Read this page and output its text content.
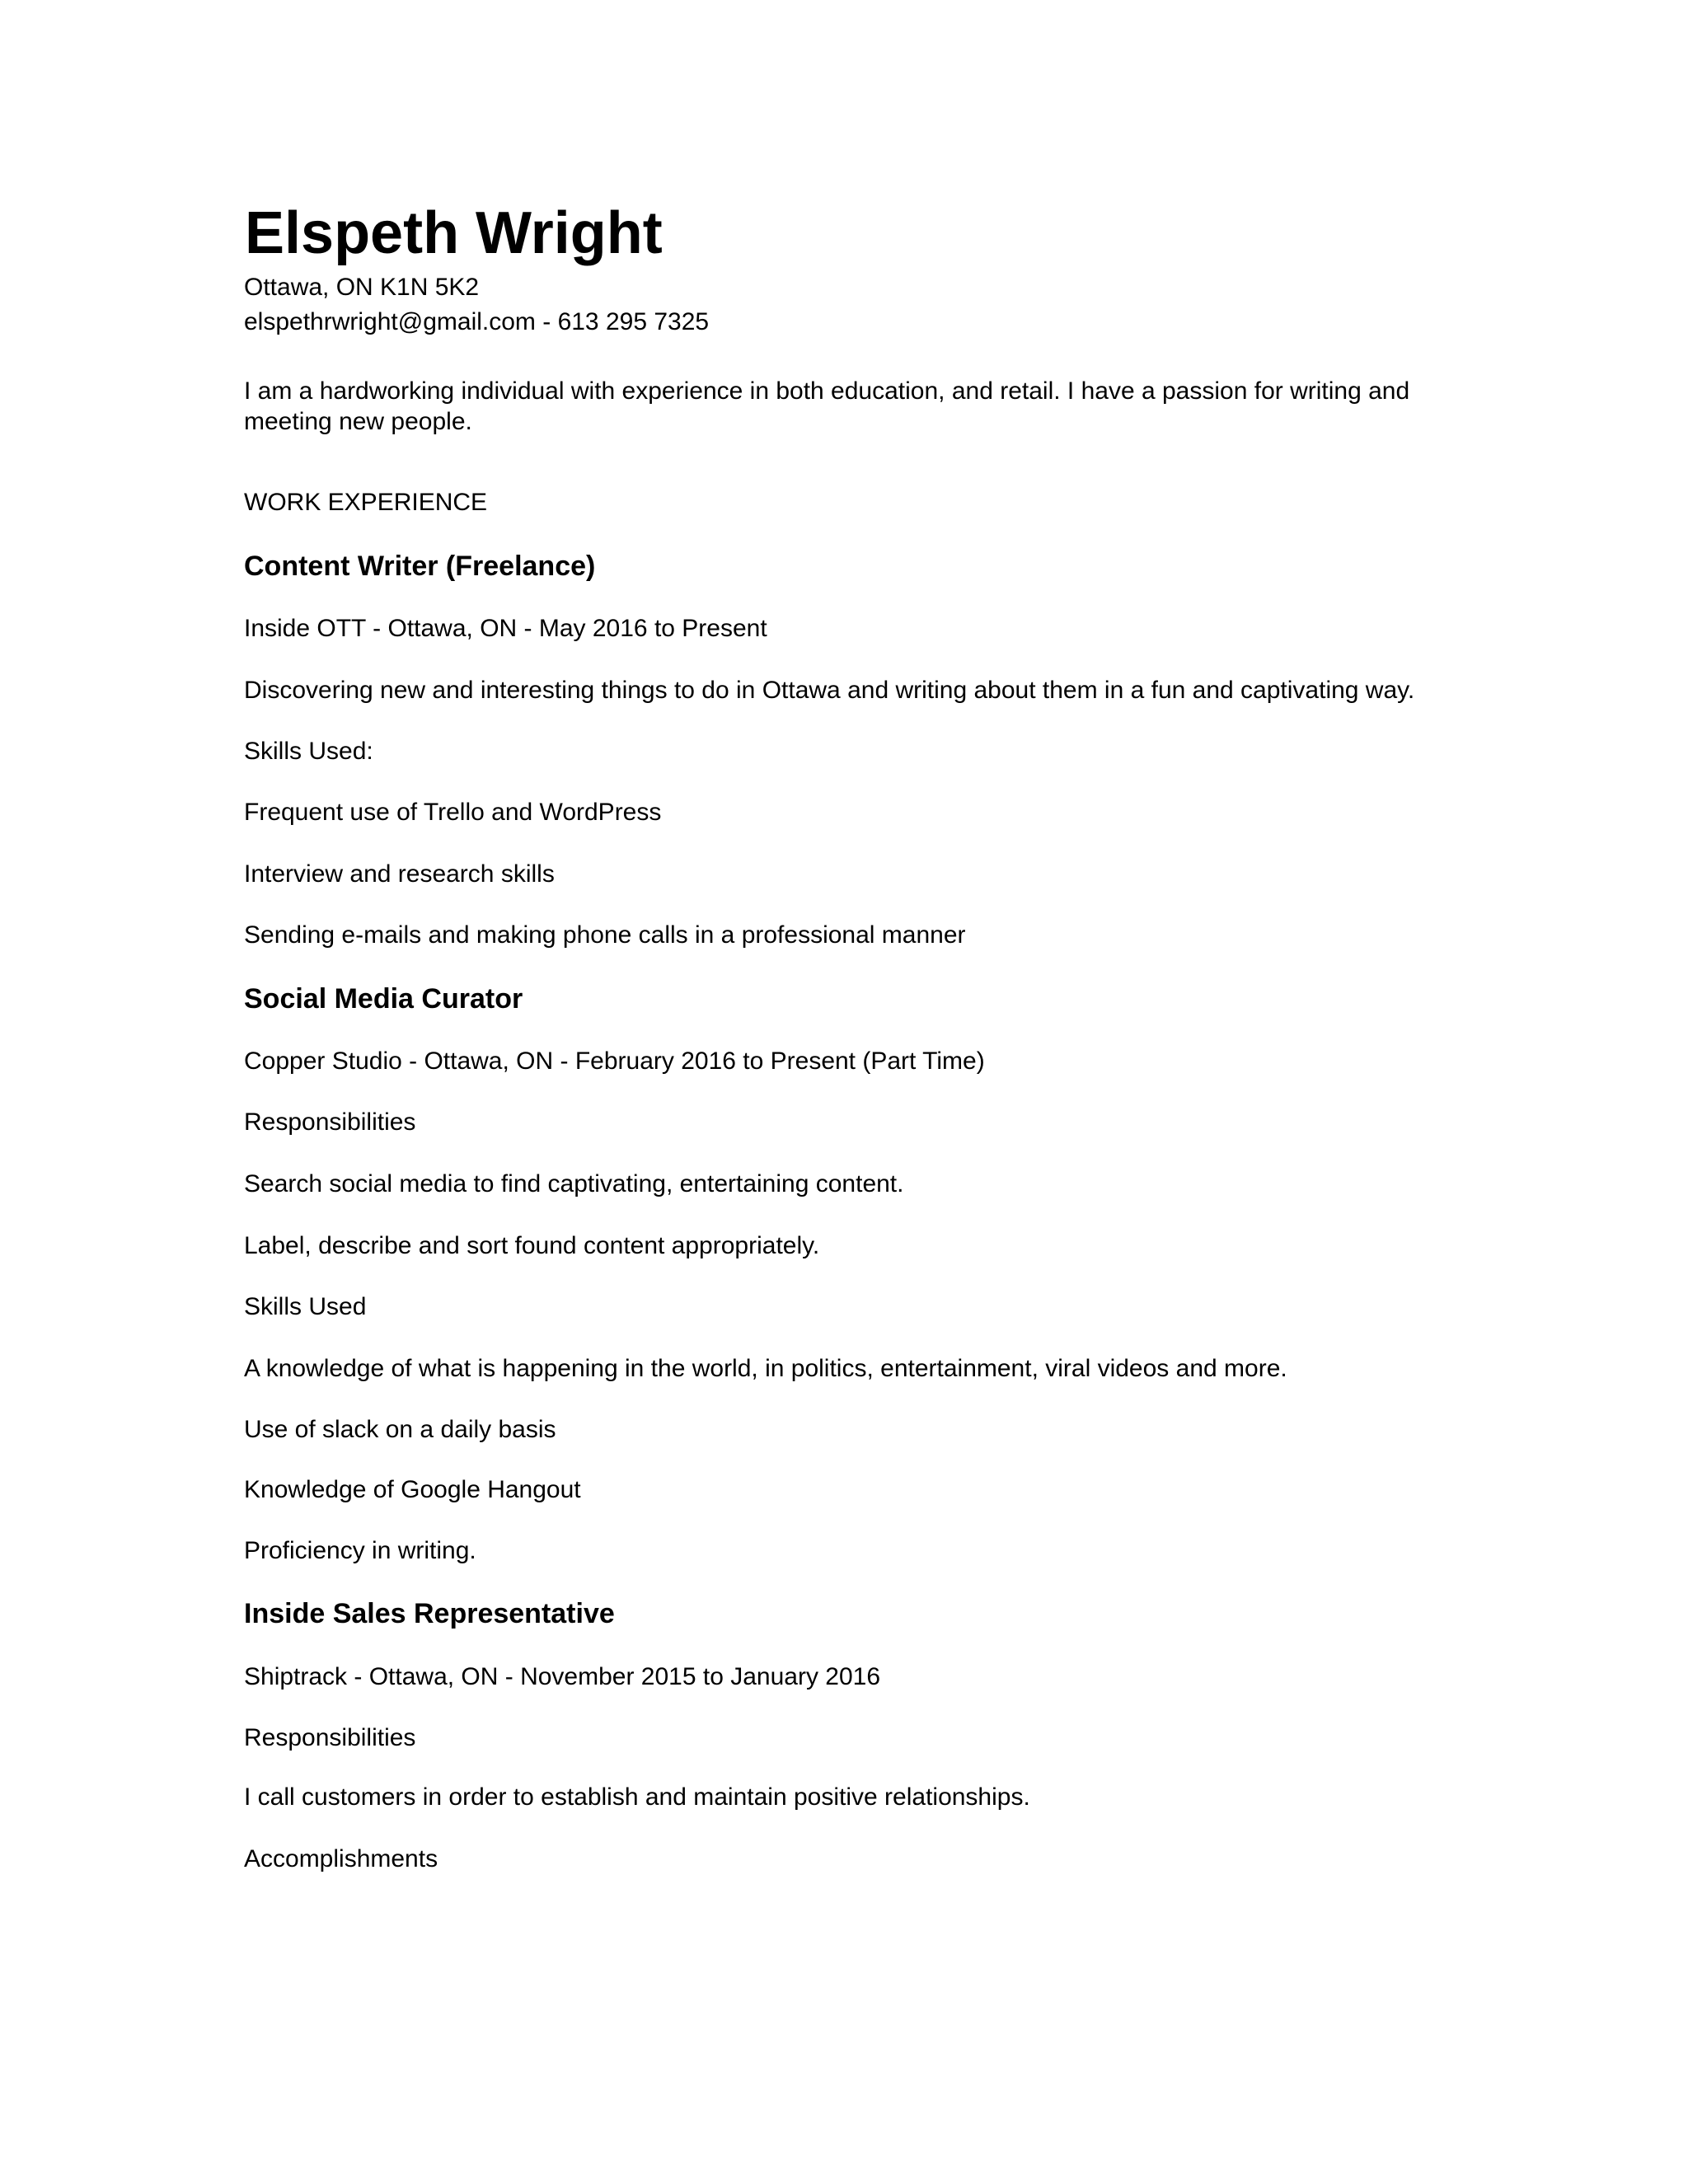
Elspeth Wright
Ottawa, ON K1N 5K2
elspethrwright@gmail.com - 613 295 7325
I am a hardworking individual with experience in both education, and retail. I have a passion for writing and meeting new people.
WORK EXPERIENCE
Content Writer (Freelance)
Inside OTT - Ottawa, ON - May 2016 to Present
Discovering new and interesting things to do in Ottawa and writing about them in a fun and captivating way.
Skills Used:
Frequent use of Trello and WordPress
Interview and research skills
Sending e-mails and making phone calls in a professional manner
Social Media Curator
Copper Studio - Ottawa, ON - February 2016 to Present (Part Time)
Responsibilities
Search social media to find captivating, entertaining content.
Label, describe and sort found content appropriately.
Skills Used
A knowledge of what is happening in the world, in politics, entertainment, viral videos and more.
Use of slack on a daily basis
Knowledge of Google Hangout
Proficiency in writing.
Inside Sales Representative
Shiptrack - Ottawa, ON - November 2015 to January 2016
Responsibilities
I call customers in order to establish and maintain positive relationships.
Accomplishments
